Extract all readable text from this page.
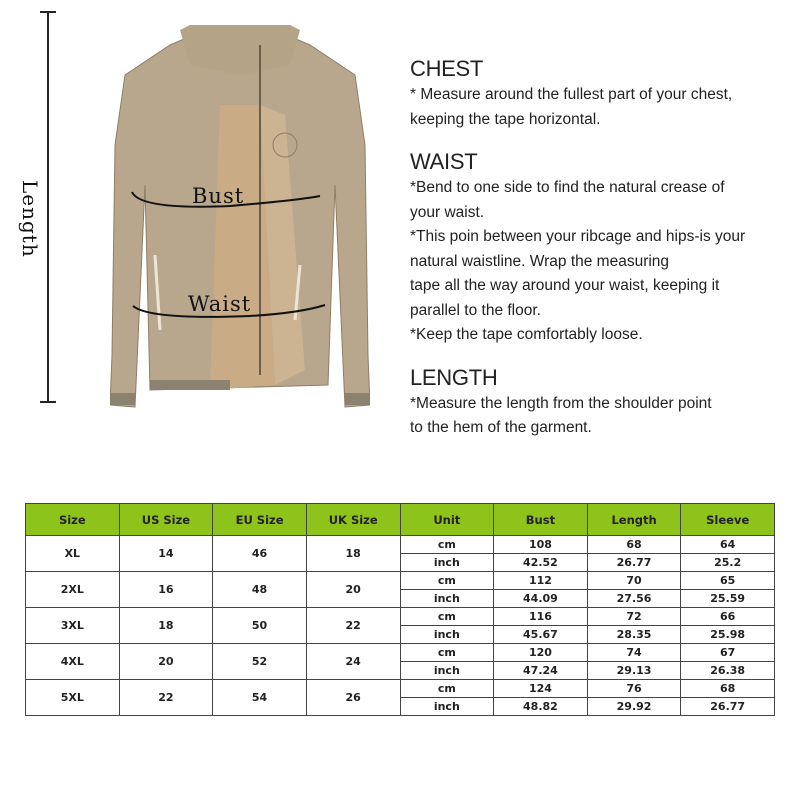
Length	Bust
Waist

CHEST

* Measure around the fullest part of your chest,

keeping the tape horizontal.

WAIST

*Bend to one side to find the natural crease of

your waist.

*This poin between your ribcage and hips-is your

natural waistline. Wrap the measuring

tape all the way around your waist, keeping it

parallel to the floor.

*Keep the tape comfortably loose.

LENGTH

*Measure the length from the shoulder point

to the hem of the garment.

Size	US Size	EU Size	UK Size	Unit	Bust	Length	Sleeve
XL	14	46	18	cm	108	68	64
				inch	42.52	26.77	25.2
2XL	16	48	20	cm	112	70	65
				inch	44.09	27.56	25.59
3XL	18	50	22	cm	116	72	66
				inch	45.67	28.35	25.98
4XL	20	52	24	cm	120	74	67
				inch	47.24	29.13	26.38
5XL	22	54	26	cm	124	76	68
				inch	48.82	29.92	26.77
